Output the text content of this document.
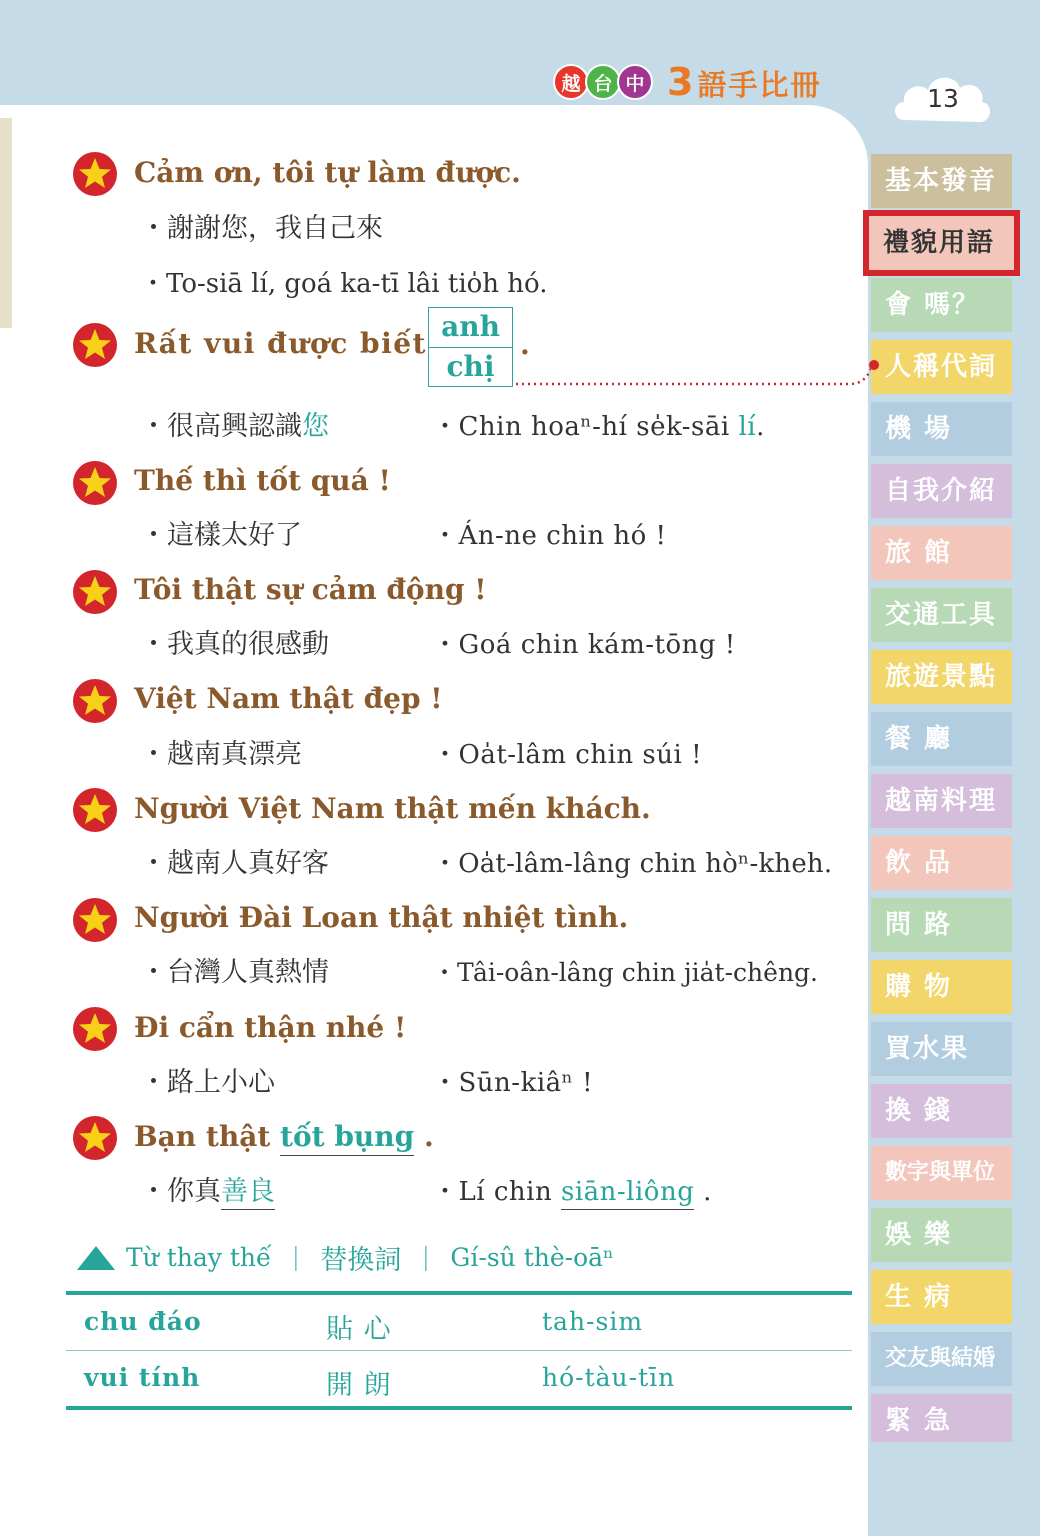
越 台 中 3語手比冊	13
Cảm ơn, tôi tự làm được.
・謝謝您，我自己來
・To-siā lí, goá ka-tī lâi tio̍h hó.
Rất vui được biết
anh
chị
.
・很高興認識您	・Chin hoaⁿ-hí se̍k-sāi lí.
Thế thì tốt quá !
・這樣太好了	・Án-ne chin hó !
Tôi thật sự cảm động !
・我真的很感動	・Goá chin kám-tōng !
Việt Nam thật đẹp !
・越南真漂亮	・Oa̍t-lâm chin súi !
Người Việt Nam thật mến khách.
・越南人真好客	・Oa̍t-lâm-lâng chin hòⁿ-kheh.
Người Đài Loan thật nhiệt tình.
・台灣人真熱情	・Tâi-oân-lâng chin jia̍t-chêng.
Đi cẩn thận nhé !
・路上小心	・Sūn-kiâⁿ !
Bạn thật tốt bụng .
・你真善良	・Lí chin siān-liông .
Từ thay thế ｜ 替換詞 ｜ Gí-sû thè-oāⁿ
chu đáo	貼 心	tah-sim
vui tính	開 朗	hó-tàu-tīn
基本發音
禮貌用語
會 嗎？
人稱代詞
機 場
自我介紹
旅 館
交通工具
旅遊景點
餐 廳
越南料理
飲 品
問 路
購 物
買水果
換 錢
數字與單位
娛 樂
生 病
交友與結婚
緊 急
